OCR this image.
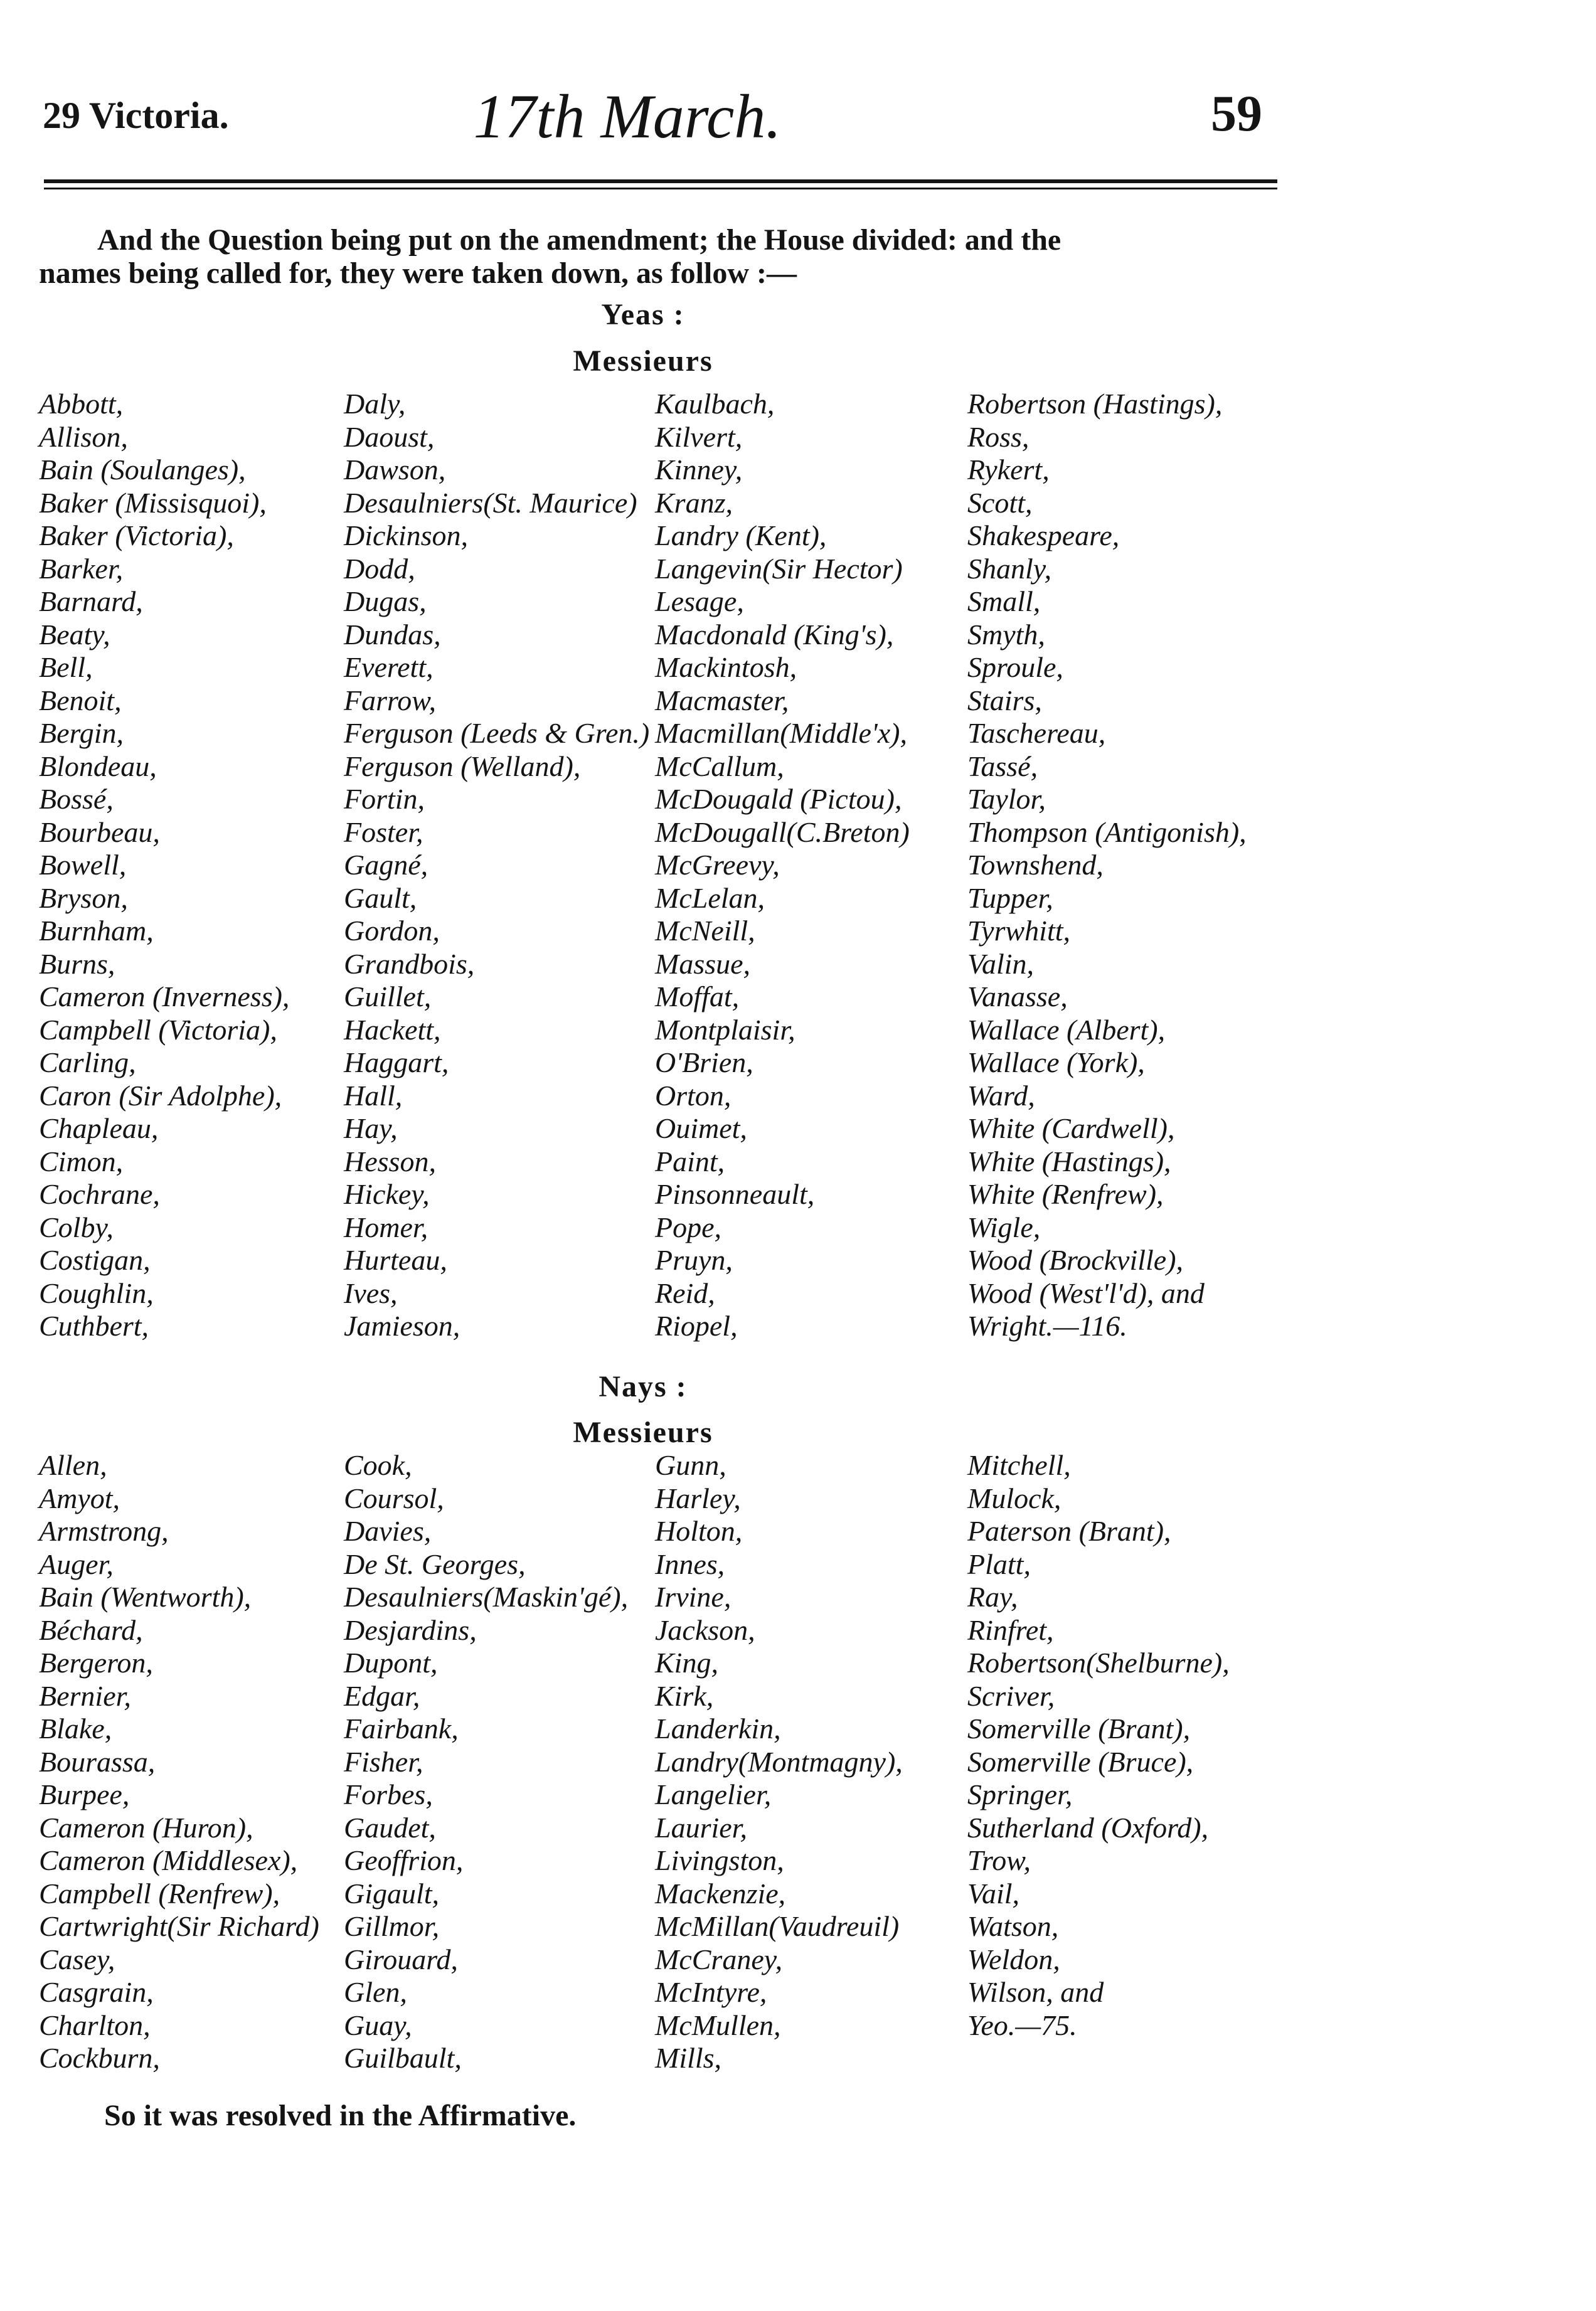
29 Victoria.	17th March.	59
And the Question being put on the amendment; the House divided: and the
names being called for, they were taken down, as follow :—
Yeas :
Messieurs
Abbott,
Allison,
Bain (Soulanges),
Baker (Missisquoi),
Baker (Victoria),
Barker,
Barnard,
Beaty,
Bell,
Benoit,
Bergin,
Blondeau,
Bossé,
Bourbeau,
Bowell,
Bryson,
Burnham,
Burns,
Cameron (Inverness),
Campbell (Victoria),
Carling,
Caron (Sir Adolphe),
Chapleau,
Cimon,
Cochrane,
Colby,
Costigan,
Coughlin,
Cuthbert,
Daly,
Daoust,
Dawson,
Desaulniers(St. Maurice)
Dickinson,
Dodd,
Dugas,
Dundas,
Everett,
Farrow,
Ferguson (Leeds & Gren.)
Ferguson (Welland),
Fortin,
Foster,
Gagné,
Gault,
Gordon,
Grandbois,
Guillet,
Hackett,
Haggart,
Hall,
Hay,
Hesson,
Hickey,
Homer,
Hurteau,
Ives,
Jamieson,
Kaulbach,
Kilvert,
Kinney,
Kranz,
Landry (Kent),
Langevin(Sir Hector)
Lesage,
Macdonald (King's),
Mackintosh,
Macmaster,
Macmillan(Middle'x),
McCallum,
McDougald (Pictou),
McDougall(C.Breton)
McGreevy,
McLelan,
McNeill,
Massue,
Moffat,
Montplaisir,
O'Brien,
Orton,
Ouimet,
Paint,
Pinsonneault,
Pope,
Pruyn,
Reid,
Riopel,
Robertson (Hastings),
Ross,
Rykert,
Scott,
Shakespeare,
Shanly,
Small,
Smyth,
Sproule,
Stairs,
Taschereau,
Tassé,
Taylor,
Thompson (Antigonish),
Townshend,
Tupper,
Tyrwhitt,
Valin,
Vanasse,
Wallace (Albert),
Wallace (York),
Ward,
White (Cardwell),
White (Hastings),
White (Renfrew),
Wigle,
Wood (Brockville),
Wood (West'l'd), and
Wright.—116.
Nays :
Messieurs
Allen,
Amyot,
Armstrong,
Auger,
Bain (Wentworth),
Béchard,
Bergeron,
Bernier,
Blake,
Bourassa,
Burpee,
Cameron (Huron),
Cameron (Middlesex),
Campbell (Renfrew),
Cartwright(Sir Richard)
Casey,
Casgrain,
Charlton,
Cockburn,
Cook,
Coursol,
Davies,
De St. Georges,
Desaulniers(Maskin'gé),
Desjardins,
Dupont,
Edgar,
Fairbank,
Fisher,
Forbes,
Gaudet,
Geoffrion,
Gigault,
Gillmor,
Girouard,
Glen,
Guay,
Guilbault,
Gunn,
Harley,
Holton,
Innes,
Irvine,
Jackson,
King,
Kirk,
Landerkin,
Landry(Montmagny),
Langelier,
Laurier,
Livingston,
Mackenzie,
McMillan(Vaudreuil)
McCraney,
McIntyre,
McMullen,
Mills,
Mitchell,
Mulock,
Paterson (Brant),
Platt,
Ray,
Rinfret,
Robertson(Shelburne),
Scriver,
Somerville (Brant),
Somerville (Bruce),
Springer,
Sutherland (Oxford),
Trow,
Vail,
Watson,
Weldon,
Wilson, and
Yeo.—75.
So it was resolved in the Affirmative.
